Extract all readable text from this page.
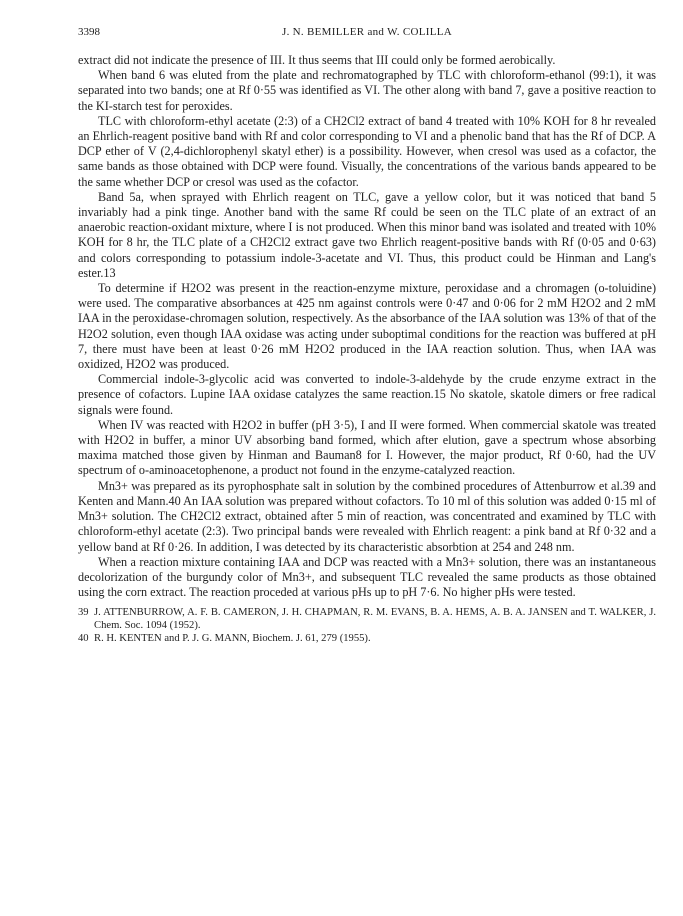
3398	J. N. BEMILLER and W. COLILLA

extract did not indicate the presence of III. It thus seems that III could only be formed aerobically.

When band 6 was eluted from the plate and rechromatographed by TLC with chloroform-ethanol (99:1), it was separated into two bands; one at Rf 0·55 was identified as VI. The other along with band 7, gave a positive reaction to the KI-starch test for peroxides.

TLC with chloroform-ethyl acetate (2:3) of a CH2Cl2 extract of band 4 treated with 10% KOH for 8 hr revealed an Ehrlich-reagent positive band with Rf and color corresponding to VI and a phenolic band that has the Rf of DCP. A DCP ether of V (2,4-dichlorophenyl skatyl ether) is a possibility. However, when cresol was used as a cofactor, the same bands as those obtained with DCP were found. Visually, the concentrations of the various bands appeared to be the same whether DCP or cresol was used as the cofactor.

Band 5a, when sprayed with Ehrlich reagent on TLC, gave a yellow color, but it was noticed that band 5 invariably had a pink tinge. Another band with the same Rf could be seen on the TLC plate of an extract of an anaerobic reaction-oxidant mixture, where I is not produced. When this minor band was isolated and treated with 10% KOH for 8 hr, the TLC plate of a CH2Cl2 extract gave two Ehrlich reagent-positive bands with Rf (0·05 and 0·63) and colors corresponding to potassium indole-3-acetate and VI. Thus, this product could be Hinman and Lang's ester.13

To determine if H2O2 was present in the reaction-enzyme mixture, peroxidase and a chromagen (o-toluidine) were used. The comparative absorbances at 425 nm against controls were 0·47 and 0·06 for 2 mM H2O2 and 2 mM IAA in the peroxidase-chromagen solution, respectively. As the absorbance of the IAA solution was 13% of that of the H2O2 solution, even though IAA oxidase was acting under suboptimal conditions for the reaction was buffered at pH 7, there must have been at least 0·26 mM H2O2 produced in the IAA reaction solution. Thus, when IAA was oxidized, H2O2 was produced.

Commercial indole-3-glycolic acid was converted to indole-3-aldehyde by the crude enzyme extract in the presence of cofactors. Lupine IAA oxidase catalyzes the same reaction.15 No skatole, skatole dimers or free radical signals were found.

When IV was reacted with H2O2 in buffer (pH 3·5), I and II were formed. When commercial skatole was treated with H2O2 in buffer, a minor UV absorbing band formed, which after elution, gave a spectrum whose absorbing maxima matched those given by Hinman and Bauman8 for I. However, the major product, Rf 0·60, had the UV spectrum of o-aminoacetophenone, a product not found in the enzyme-catalyzed reaction.

Mn3+ was prepared as its pyrophosphate salt in solution by the combined procedures of Attenburrow et al.39 and Kenten and Mann.40 An IAA solution was prepared without cofactors. To 10 ml of this solution was added 0·15 ml of Mn3+ solution. The CH2Cl2 extract, obtained after 5 min of reaction, was concentrated and examined by TLC with chloroform-ethyl acetate (2:3). Two principal bands were revealed with Ehrlich reagent: a pink band at Rf 0·32 and a yellow band at Rf 0·26. In addition, I was detected by its characteristic absorbtion at 254 and 248 nm.

When a reaction mixture containing IAA and DCP was reacted with a Mn3+ solution, there was an instantaneous decolorization of the burgundy color of Mn3+, and subsequent TLC revealed the same products as those obtained using the corn extract. The reaction proceded at various pHs up to pH 7·6. No higher pHs were tested.

39 J. ATTENBURROW, A. F. B. CAMERON, J. H. CHAPMAN, R. M. EVANS, B. A. HEMS, A. B. A. JANSEN and T. WALKER, J. Chem. Soc. 1094 (1952).
40 R. H. KENTEN and P. J. G. MANN, Biochem. J. 61, 279 (1955).
